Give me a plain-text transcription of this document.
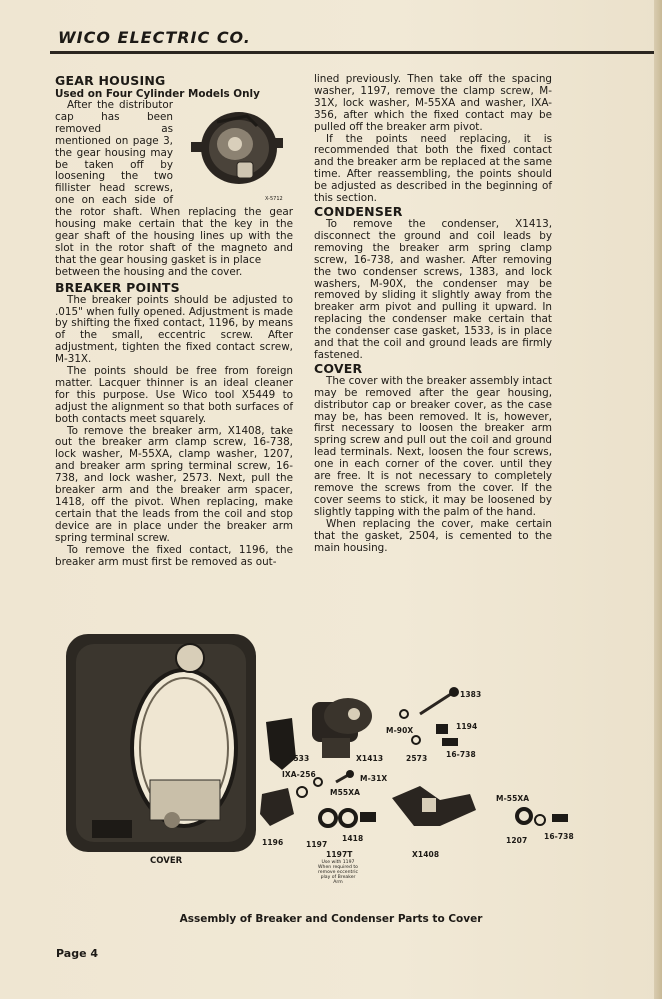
WICO ELECTRIC CO.
GEAR HOUSING
Used on Four Cylinder Models Only
X-5712

After the distributor cap has been removed as mentioned on page 3, the gear housing may be taken off by loosening the two fillister head screws, one on each side of the rotor shaft. When replacing the gear housing make certain that the key in the gear shaft of the housing lines up with the slot in the rotor shaft of the magneto and that the gear housing gasket is in place

between the housing and the cover.

BREAKER POINTS

The breaker points should be adjusted to .015" when fully opened. Adjustment is made by shifting the fixed contact, 1196, by means of the small, eccentric screw. After adjustment, tighten the fixed contact screw, M-31X.

The points should be free from foreign matter. Lacquer thinner is an ideal cleaner for this purpose. Use Wico tool X5449 to adjust the alignment so that both surfaces of both contacts meet squarely.

To remove the breaker arm, X1408, take out the breaker arm clamp screw, 16-738, lock washer, M-55XA, clamp washer, 1207, and breaker arm spring terminal screw, 16-738, and lock washer, 2573. Next, pull the breaker arm and the breaker arm spacer, 1418, off the pivot. When replacing, make certain that the leads from the coil and stop device are in place under the breaker arm spring terminal screw.

To remove the fixed contact, 1196, the breaker arm must first be removed as out-

lined previously. Then take off the spacing washer, 1197, remove the clamp screw, M-31X, lock washer, M-55XA and washer, IXA-356, after which the fixed contact may be pulled off the breaker arm pivot.

If the points need replacing, it is recommended that both the fixed contact and the breaker arm be replaced at the same time. After reassembling, the points should be adjusted as described in the beginning of this section.

CONDENSER

To remove the condenser, X1413, disconnect the ground and coil leads by removing the breaker arm spring clamp screw, 16-738, and washer. After removing the two condenser screws, 1383, and lock washers, M-90X, the condenser may be removed by sliding it slightly away from the breaker arm pivot and pulling it upward. In replacing the condenser make certain that the condenser case gasket, 1533, is in place and that the coil and ground leads are firmly fastened.

COVER

The cover with the breaker assembly intact may be removed after the gear housing, distributor cap or breaker cover, as the case may be, has been removed. It is, however, first necessary to loosen the breaker arm spring screw and pull out the coil and ground lead terminals. Next, loosen the four screws, one in each corner of the cover. until they are free. It is not necessary to completely remove the screws from the cover. If the cover seems to stick, it may be loosened by slightly tapping with the palm of the hand.

When replacing the cover, make certain that the gasket, 2504, is cemented to the main housing.

1383
1194
M-90X
16-738
2573
1533	X1413
IXA-256	M-31X
M55XA
M-55XA
16-738
1207
1418
1196	1197
X1408
1197T
COVER	Use with 1197 When required to remove eccentric play of Breaker Arm
Assembly of Breaker and Condenser Parts to Cover
Page 4
